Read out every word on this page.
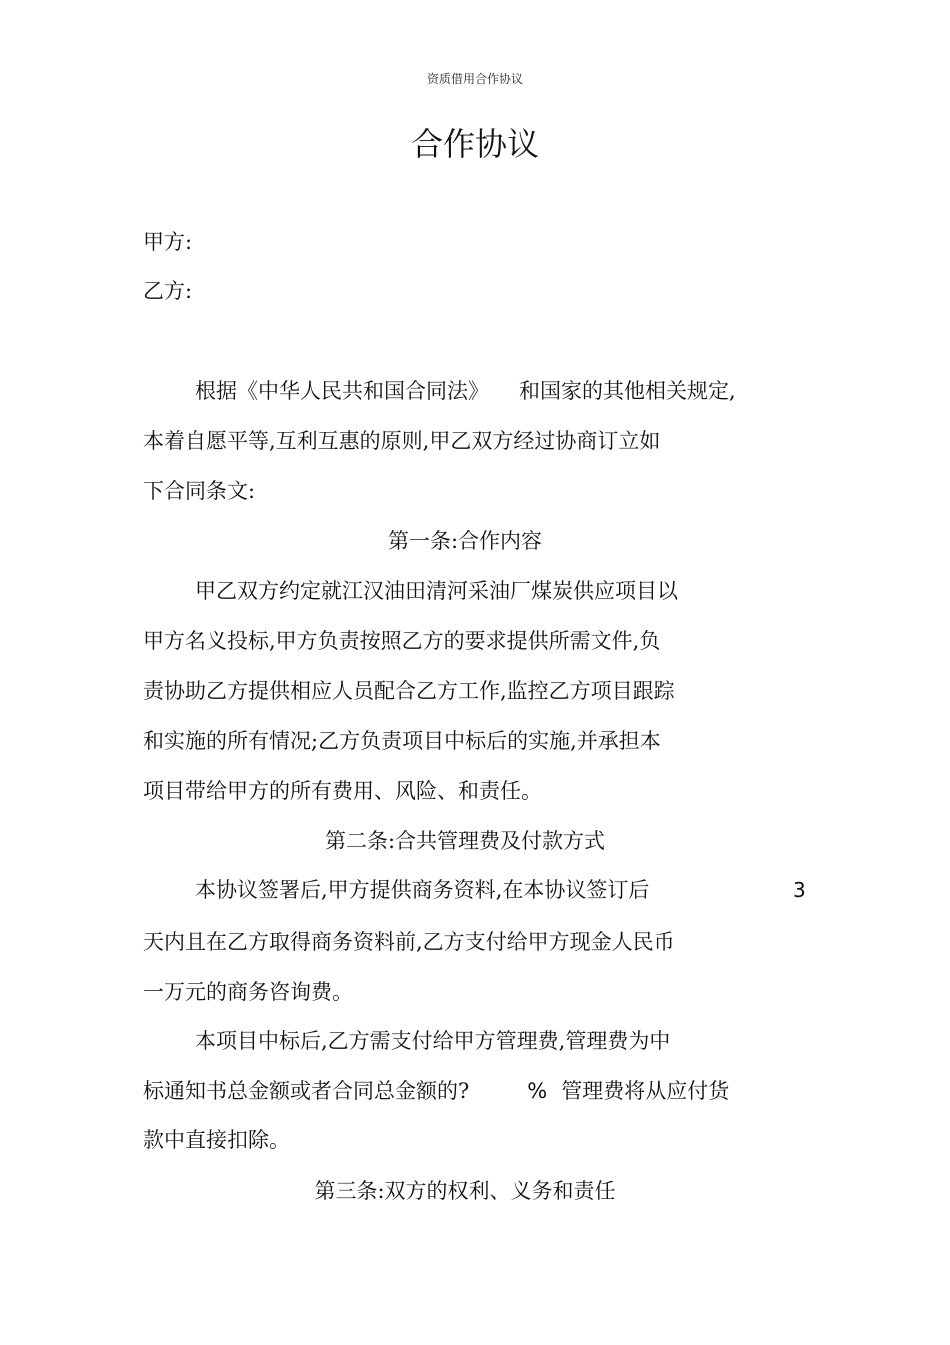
资质借用合作协议
合作协议
甲方:
乙方:
根据《中华人民共和国合同法》 和国家的其他相关规定,
本着自愿平等,互利互惠的原则,甲乙双方经过协商订立如
下合同条文:
第一条:合作内容
甲乙双方约定就江汉油田清河采油厂煤炭供应项目以
甲方名义投标,甲方负责按照乙方的要求提供所需文件,负
责协助乙方提供相应人员配合乙方工作,监控乙方项目跟踪
和实施的所有情况;乙方负责项目中标后的实施,并承担本
项目带给甲方的所有费用、风险、和责任。
第二条:合共管理费及付款方式
本协议签署后,甲方提供商务资料,在本协议签订后	3
天内且在乙方取得商务资料前,乙方支付给甲方现金人民币
一万元的商务咨询费。
本项目中标后,乙方需支付给甲方管理费,管理费为中
标通知书总金额或者合同总金额的?	% 管理费将从应付货
款中直接扣除。
第三条:双方的权利、义务和责任
